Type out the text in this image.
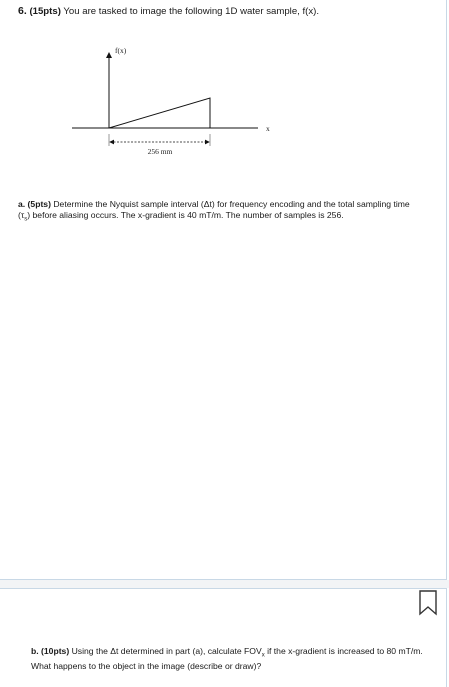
6. (15pts) You are tasked to image the following 1D water sample, f(x).
f(x)
x
256 mm
a. (5pts) Determine the Nyquist sample interval (Δt) for frequency encoding and the total sampling time $(\tau_s)$ before aliasing occurs. The x-gradient is 40 mT/m. The number of samples is 256.
b. (10pts) Using the Δt determined in part (a), calculate $FOV_x$ if the x-gradient is increased to 80 mT/m. What happens to the object in the image (describe or draw)?
